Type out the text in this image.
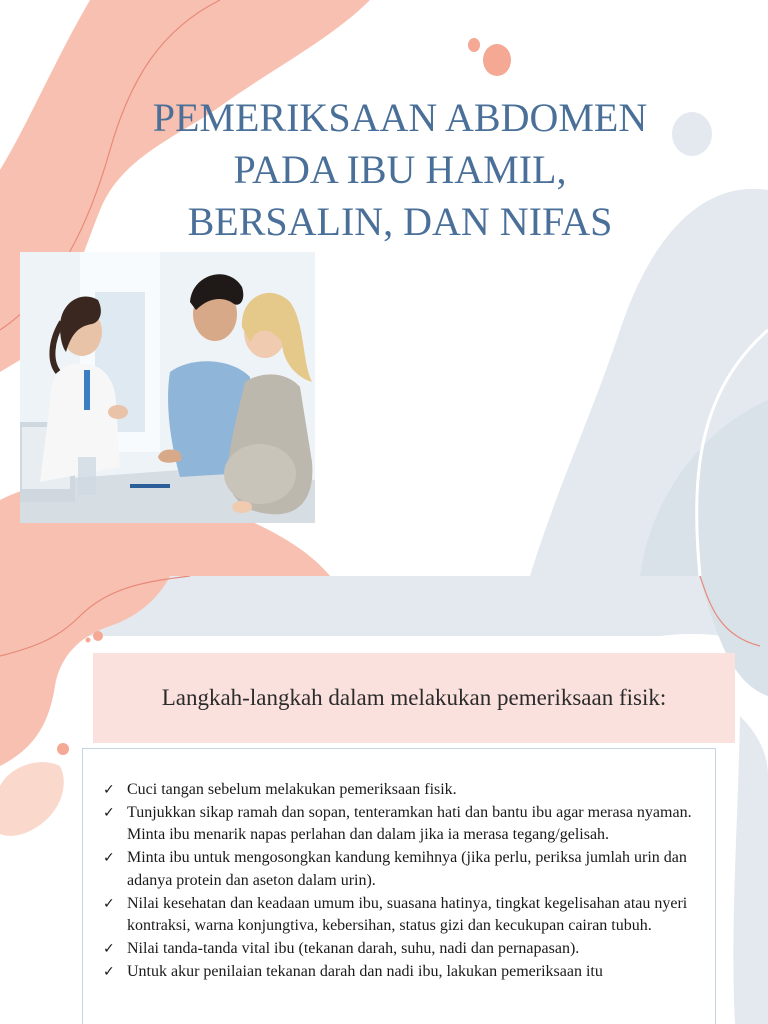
PEMERIKSAAN ABDOMEN
PADA IBU HAMIL,
BERSALIN, DAN NIFAS

Langkah-langkah dalam melakukan pemeriksaan fisik:

✓ Cuci tangan sebelum melakukan pemeriksaan fisik.
✓ Tunjukkan sikap ramah dan sopan, tenteramkan hati dan bantu ibu agar merasa nyaman. Minta ibu menarik napas perlahan dan dalam jika ia merasa tegang/gelisah.
✓ Minta ibu untuk mengosongkan kandung kemihnya (jika perlu, periksa jumlah urin dan adanya protein dan aseton dalam urin).
✓ Nilai kesehatan dan keadaan umum ibu, suasana hatinya, tingkat kegelisahan atau nyeri kontraksi, warna konjungtiva, kebersihan, status gizi dan kecukupan cairan tubuh.
✓ Nilai tanda-tanda vital ibu (tekanan darah, suhu, nadi dan pernapasan).
✓ Untuk akur penilaian tekanan darah dan nadi ibu, lakukan pemeriksaan itu
